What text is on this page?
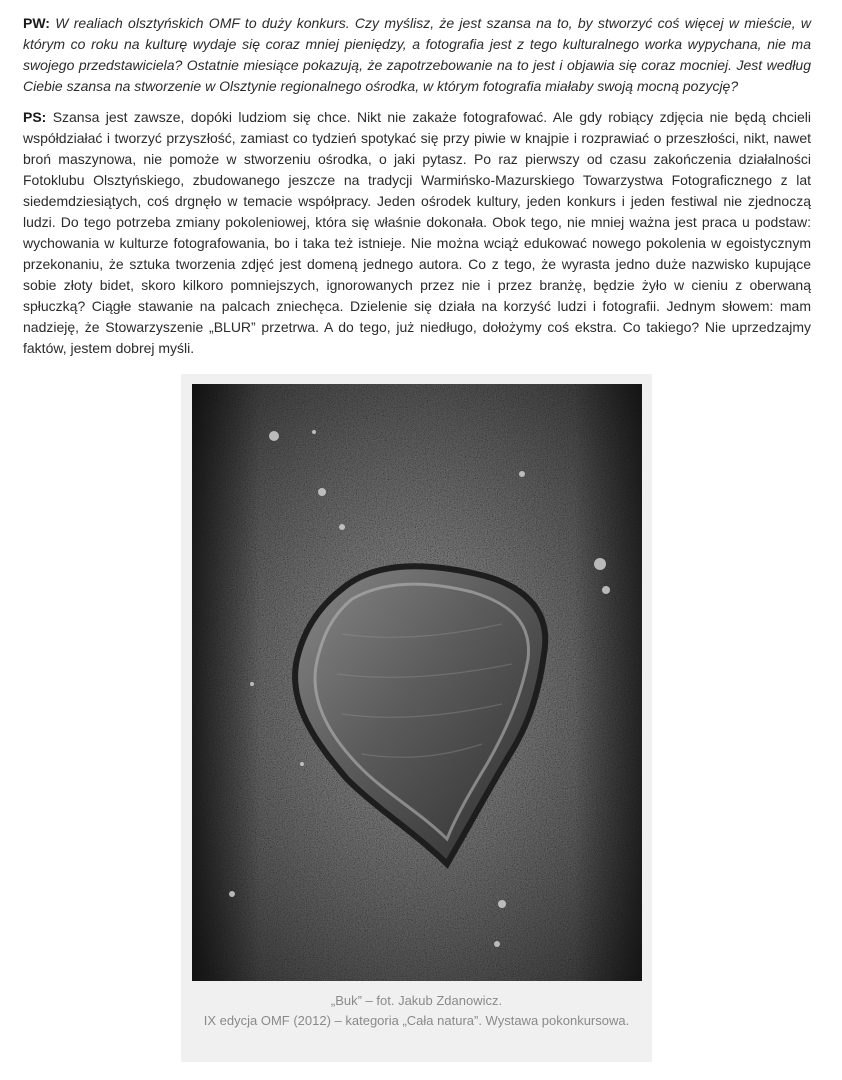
PW: W realiach olsztyńskich OMF to duży konkurs. Czy myślisz, że jest szansa na to, by stworzyć coś więcej w mieście, w którym co roku na kulturę wydaje się coraz mniej pieniędzy, a fotografia jest z tego kulturalnego worka wypychana, nie ma swojego przedstawiciela? Ostatnie miesiące pokazują, że zapotrzebowanie na to jest i objawia się coraz mocniej. Jest według Ciebie szansa na stworzenie w Olsztynie regionalnego ośrodka, w którym fotografia miałaby swoją mocną pozycję?

PS: Szansa jest zawsze, dopóki ludziom się chce. Nikt nie zakaże fotografować. Ale gdy robiący zdjęcia nie będą chcieli współdziałać i tworzyć przyszłość, zamiast co tydzień spotykać się przy piwie w knajpie i rozprawiać o przeszłości, nikt, nawet broń maszynowa, nie pomoże w stworzeniu ośrodka, o jaki pytasz. Po raz pierwszy od czasu zakończenia działalności Fotoklubu Olsztyńskiego, zbudowanego jeszcze na tradycji Warmińsko-Mazurskiego Towarzystwa Fotograficznego z lat siedemdziesiątych, coś drgnęło w temacie współpracy. Jeden ośrodek kultury, jeden konkurs i jeden festiwal nie zjednoczą ludzi. Do tego potrzeba zmiany pokoleniowej, która się właśnie dokonała. Obok tego, nie mniej ważna jest praca u podstaw: wychowania w kulturze fotografowania, bo i taka też istnieje. Nie można wciąż edukować nowego pokolenia w egoistycznym przekonaniu, że sztuka tworzenia zdjęć jest domeną jednego autora. Co z tego, że wyrasta jedno duże nazwisko kupujące sobie złoty bidet, skoro kilkoro pomniejszych, ignorowanych przez nie i przez branżę, będzie żyło w cieniu z oberwaną spłuczką? Ciągłe stawanie na palcach zniechęca. Dzielenie się działa na korzyść ludzi i fotografii. Jednym słowem: mam nadzieję, że Stowarzyszenie „BLUR” przetrwa. A do tego, już niedługo, dołożymy coś ekstra. Co takiego? Nie uprzedzajmy faktów, jestem dobrej myśli.

„Buk” – fot. Jakub Zdanowicz.
IX edycja OMF (2012) – kategoria „Cała natura”. Wystawa pokonkursowa.
